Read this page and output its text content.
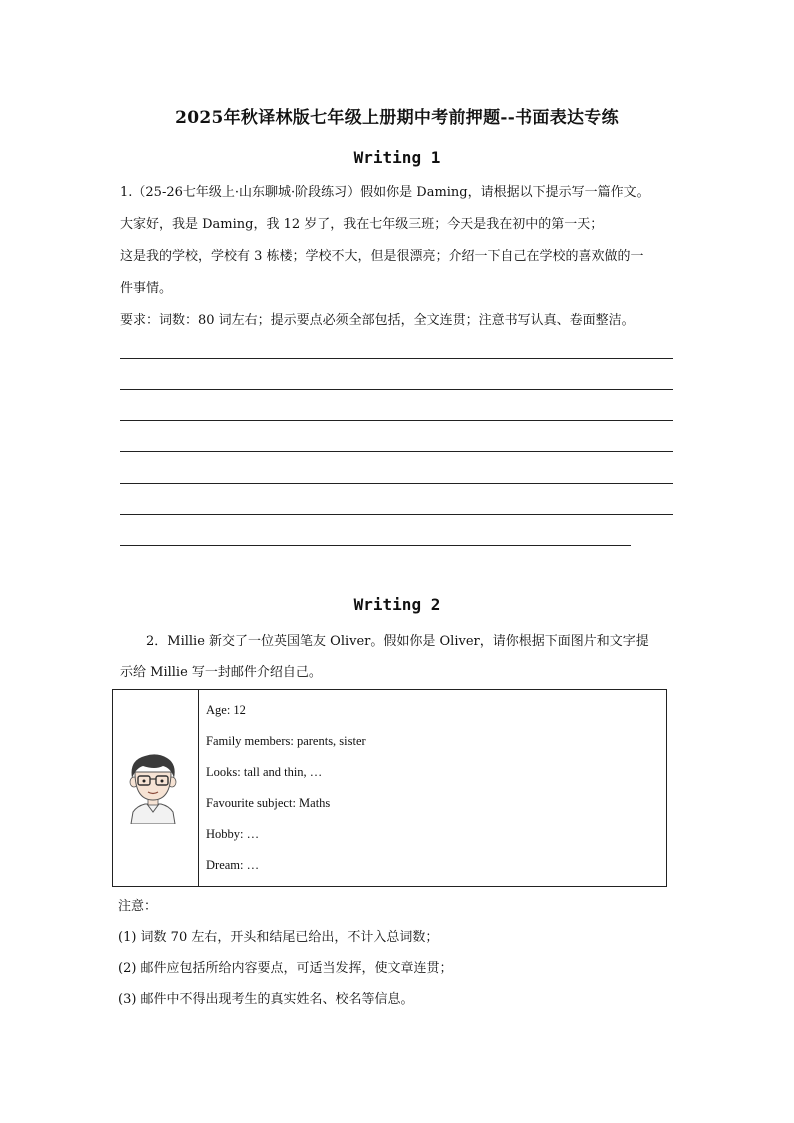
2025年秋译林版七年级上册期中考前押题--书面表达专练
Writing 1
1.（25-26七年级上·山东聊城·阶段练习）假如你是 Daming，请根据以下提示写一篇作文。
大家好，我是 Daming，我 12 岁了，我在七年级三班；今天是我在初中的第一天；
这是我的学校，学校有 3 栋楼；学校不大，但是很漂亮；介绍一下自己在学校的喜欢做的一
件事情。
要求：词数：80 词左右；提示要点必须全部包括，全文连贯；注意书写认真、卷面整洁。
Writing 2
2．Millie 新交了一位英国笔友 Oliver。假如你是 Oliver，请你根据下面图片和文字提
示给 Millie 写一封邮件介绍自己。

Age: 12
Family members: parents, sister
Looks: tall and thin, …
Favourite subject: Maths
Hobby: …
Dream: …
注意：
(1) 词数 70 左右，开头和结尾已给出，不计入总词数；
(2) 邮件应包括所给内容要点，可适当发挥，使文章连贯；
(3) 邮件中不得出现考生的真实姓名、校名等信息。
